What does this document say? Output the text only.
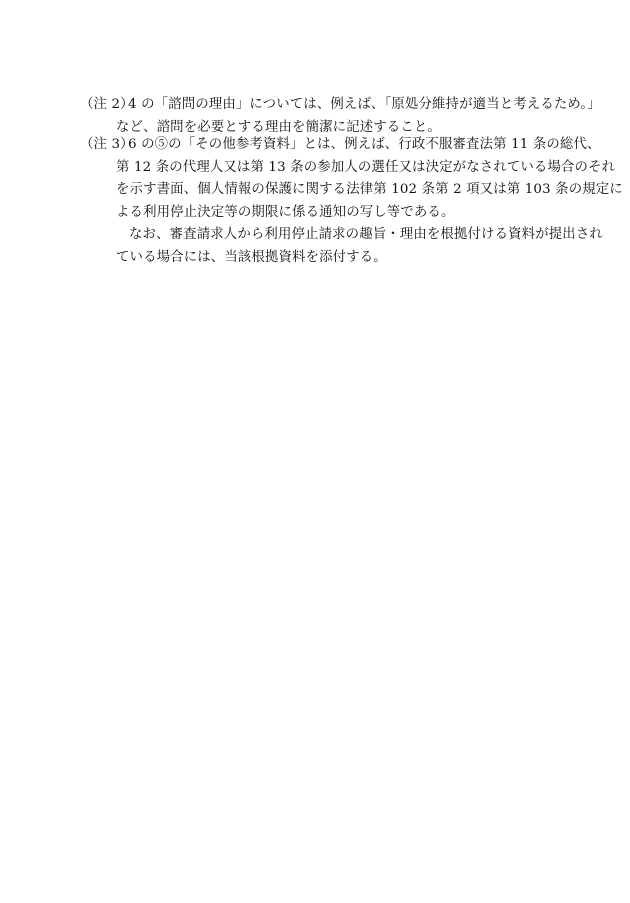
（注 2）
4 の「諮問の理由」については、例えば、「原処分維持が適当と考えるため。」
など、諮問を必要とする理由を簡潔に記述すること。
（注 3）
6 の⑤の「その他参考資料」とは、例えば、行政不服審査法第 11 条の総代、
第 12 条の代理人又は第 13 条の参加人の選任又は決定がなされている場合のそれ
を示す書面、個人情報の保護に関する法律第 102 条第 2 項又は第 103 条の規定に
よる利用停止決定等の期限に係る通知の写し等である。
なお、審査請求人から利用停止請求の趣旨・理由を根拠付ける資料が提出され
ている場合には、当該根拠資料を添付する。
